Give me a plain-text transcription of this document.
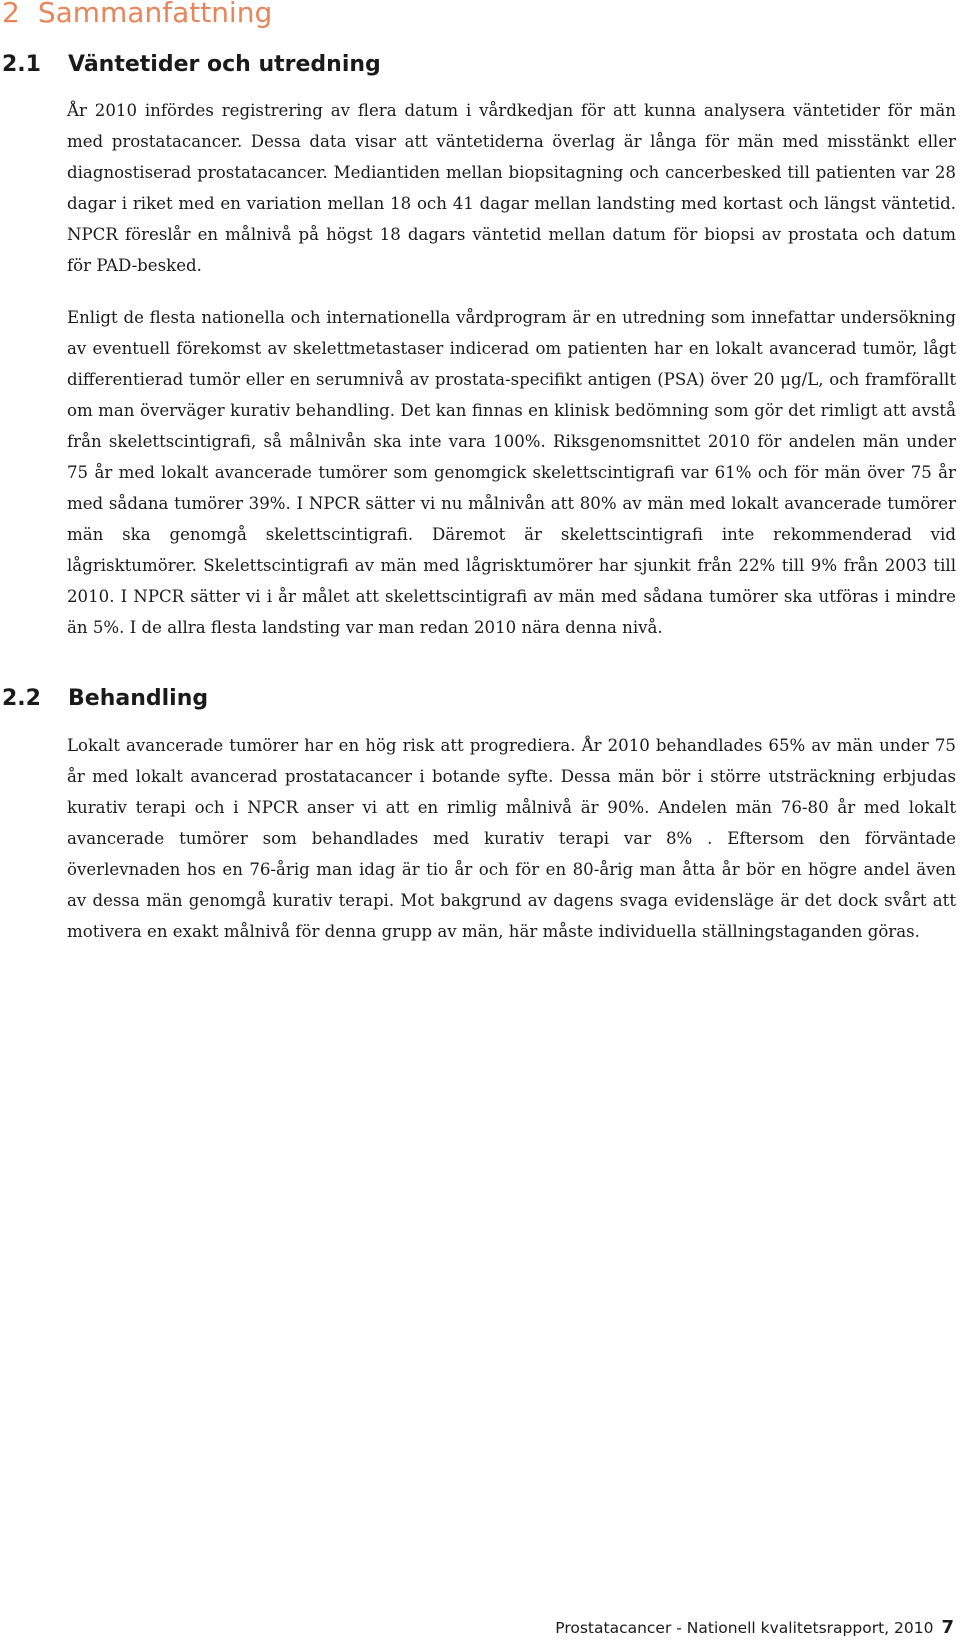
2 Sammanfattning
2.1 Väntetider och utredning

År 2010 infördes registrering av flera datum i vårdkedjan för att kunna analysera väntetider för män med prostatacancer. Dessa data visar att väntetiderna överlag är långa för män med misstänkt eller diagnostiserad prostatacancer. Mediantiden mellan biopsitagning och cancerbesked till patienten var 28 dagar i riket med en variation mellan 18 och 41 dagar mellan landsting med kortast och längst väntetid. NPCR föreslår en målnivå på högst 18 dagars väntetid mellan datum för biopsi av prostata och datum för PAD-besked.

Enligt de flesta nationella och internationella vårdprogram är en utredning som innefattar undersökning av eventuell förekomst av skelettmetastaser indicerad om patienten har en lokalt avancerad tumör, lågt differentierad tumör eller en serumnivå av prostata-specifikt antigen (PSA) över 20 μg/L, och framförallt om man överväger kurativ behandling. Det kan finnas en klinisk bedömning som gör det rimligt att avstå från skelettscintigrafi, så målnivån ska inte vara 100%. Riksgenomsnittet 2010 för andelen män under 75 år med lokalt avancerade tumörer som genomgick skelettscintigrafi var 61% och för män över 75 år med sådana tumörer 39%. I NPCR sätter vi nu målnivån att 80% av män med lokalt avancerade tumörer män ska genomgå skelettscintigrafi. Däremot är skelettscintigrafi inte rekommenderad vid lågrisktumörer. Skelettscintigrafi av män med lågrisktumörer har sjunkit från 22% till 9% från 2003 till 2010. I NPCR sätter vi i år målet att skelettscintigrafi av män med sådana tumörer ska utföras i mindre än 5%. I de allra flesta landsting var man redan 2010 nära denna nivå.

2.2 Behandling

Lokalt avancerade tumörer har en hög risk att progrediera. År 2010 behandlades 65% av män under 75 år med lokalt avancerad prostatacancer i botande syfte. Dessa män bör i större utsträckning erbjudas kurativ terapi och i NPCR anser vi att en rimlig målnivå är 90%. Andelen män 76-80 år med lokalt avancerade tumörer som behandlades med kurativ terapi var 8% . Eftersom den förväntade överlevnaden hos en 76-årig man idag är tio år och för en 80-årig man åtta år bör en högre andel även av dessa män genomgå kurativ terapi. Mot bakgrund av dagens svaga evidensläge är det dock svårt att motivera en exakt målnivå för denna grupp av män, här måste individuella ställningstaganden göras.

Prostatacancer - Nationell kvalitetsrapport, 2010 7
